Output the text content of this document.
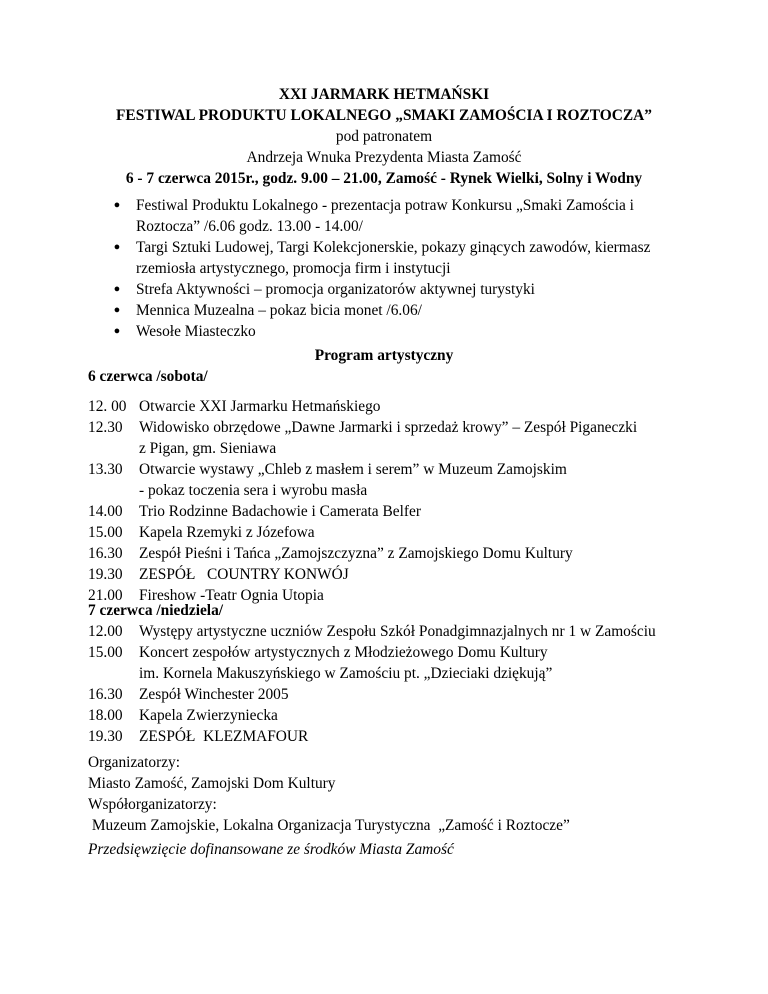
XXI JARMARK HETMAŃSKI
FESTIWAL PRODUKTU LOKALNEGO „SMAKI ZAMOŚCIA I ROZTOCZA”
pod patronatem
Andrzeja Wnuka Prezydenta Miasta Zamość
6 - 7 czerwca 2015r., godz. 9.00 – 21.00, Zamość - Rynek Wielki, Solny i Wodny
● Festiwal Produktu Lokalnego - prezentacja potraw Konkursu „Smaki Zamościa i
Roztocza” /6.06 godz. 13.00 - 14.00/
● Targi Sztuki Ludowej, Targi Kolekcjonerskie, pokazy ginących zawodów, kiermasz
rzemiosła artystycznego, promocja firm i instytucji
● Strefa Aktywności – promocja organizatorów aktywnej turystyki
● Mennica Muzealna – pokaz bicia monet /6.06/
● Wesołe Miasteczko
Program artystyczny
6 czerwca /sobota/
12. 00 Otwarcie XXI Jarmarku Hetmańskiego
12.30	Widowisko obrzędowe „Dawne Jarmarki i sprzedaż krowy” – Zespół Piganeczki
z Pigan, gm. Sieniawa
13.30	Otwarcie wystawy „Chleb z masłem i serem” w Muzeum Zamojskim
- pokaz toczenia sera i wyrobu masła
14.00	Trio Rodzinne Badachowie i Camerata Belfer
15.00	Kapela Rzemyki z Józefowa
16.30	Zespół Pieśni i Tańca „Zamojszczyzna” z Zamojskiego Domu Kultury
19.30	ZESPÓŁ   COUNTRY KONWÓJ
21.00	Fireshow -Teatr Ognia Utopia
7 czerwca /niedziela/
12.00	Występy artystyczne uczniów Zespołu Szkół Ponadgimnazjalnych nr 1 w Zamościu
15.00	Koncert zespołów artystycznych z Młodzieżowego Domu Kultury
im. Kornela Makuszyńskiego w Zamościu pt. „Dzieciaki dziękują”
16.30	Zespół Winchester 2005
18.00	Kapela Zwierzyniecka
19.30	ZESPÓŁ  KLEZMAFOUR
Organizatorzy:
Miasto Zamość, Zamojski Dom Kultury
Współorganizatorzy:
Muzeum Zamojskie, Lokalna Organizacja Turystyczna  „Zamość i Roztocze”
Przedsięwzięcie dofinansowane ze środków Miasta Zamość
